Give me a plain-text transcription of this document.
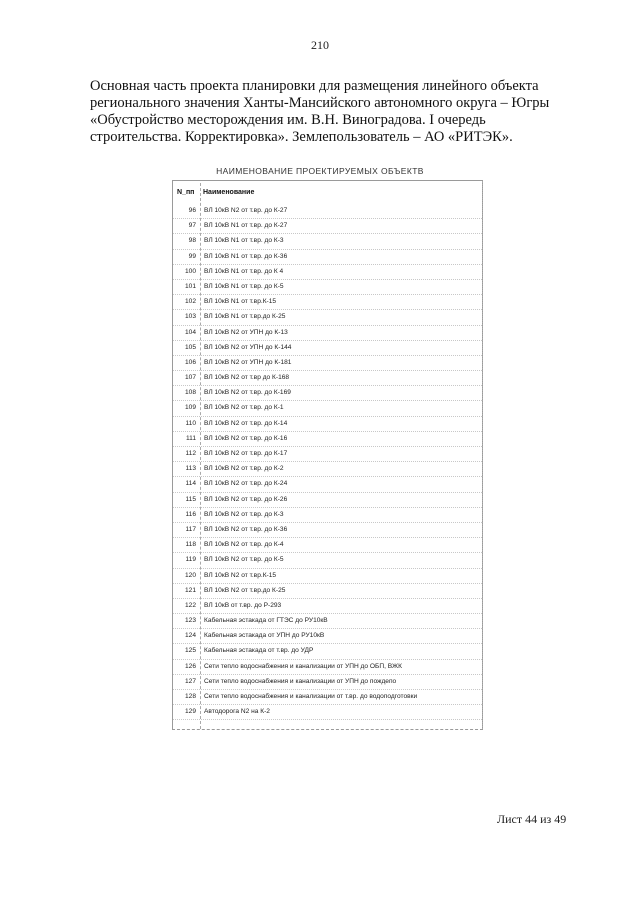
210
Основная часть проекта планировки для размещения линейного объекта регионального значения Ханты-Мансийского автономного округа – Югры «Обустройство месторождения им. В.Н. Виноградова. I очередь строительства. Корректировка». Землепользователь – АО «РИТЭК».
НАИМЕНОВАНИЕ ПРОЕКТИРУЕМЫХ ОБЪЕКТВ
N_пп Наименование
96 ВЛ 10кВ N2 от т.вр. до К-27
97 ВЛ 10кВ N1 от т.вр. до К-27
98 ВЛ 10кВ N1 от т.вр. до К-3
99 ВЛ 10кВ N1 от т.вр. до К-36
100 ВЛ 10кВ N1 от т.вр. до К 4
101 ВЛ 10кВ N1 от т.вр. до К-5
102 ВЛ 10кВ N1 от т.вр.К-15
103 ВЛ 10кВ N1 от т.вр.до К-25
104 ВЛ 10кВ N2 от УПН до К-13
105 ВЛ 10кВ N2 от УПН до К-144
106 ВЛ 10кВ N2 от УПН до К-181
107 ВЛ 10кВ N2 от т.вр до К-168
108 ВЛ 10кВ N2 от т.вр. до К-169
109 ВЛ 10кВ N2 от т.вр. до К-1
110 ВЛ 10кВ N2 от т.вр. до К-14
111 ВЛ 10кВ N2 от т.вр. до К-16
112 ВЛ 10кВ N2 от т.вр. до К-17
113 ВЛ 10кВ N2 от т.вр. до К-2
114 ВЛ 10кВ N2 от т.вр. до К-24
115 ВЛ 10кВ N2 от т.вр. до К-26
116 ВЛ 10кВ N2 от т.вр. до К-3
117 ВЛ 10кВ N2 от т.вр. до К-36
118 ВЛ 10кВ N2 от т.вр. до К-4
119 ВЛ 10кВ N2 от т.вр. до К-5
120 ВЛ 10кВ N2 от т.вр.К-15
121 ВЛ 10кВ N2 от т.вр.до К-25
122 ВЛ 10кВ от т.вр. до Р-293
123 Кабельная эстакада от ГТЭС до РУ10кВ
124 Кабельная эстакада от УПН до РУ10кВ
125 Кабельная эстакада от т.вр. до УДР
126 Сети тепло водоснабжения и канализации от УПН до ОБП, ВЖК
127 Сети тепло водоснабжения и канализации от УПН до пождепо
128 Сети тепло водоснабжения и канализации от т.вр. до водоподготовки
129 Автодорога N2 на К-2
Лист 44 из 49
